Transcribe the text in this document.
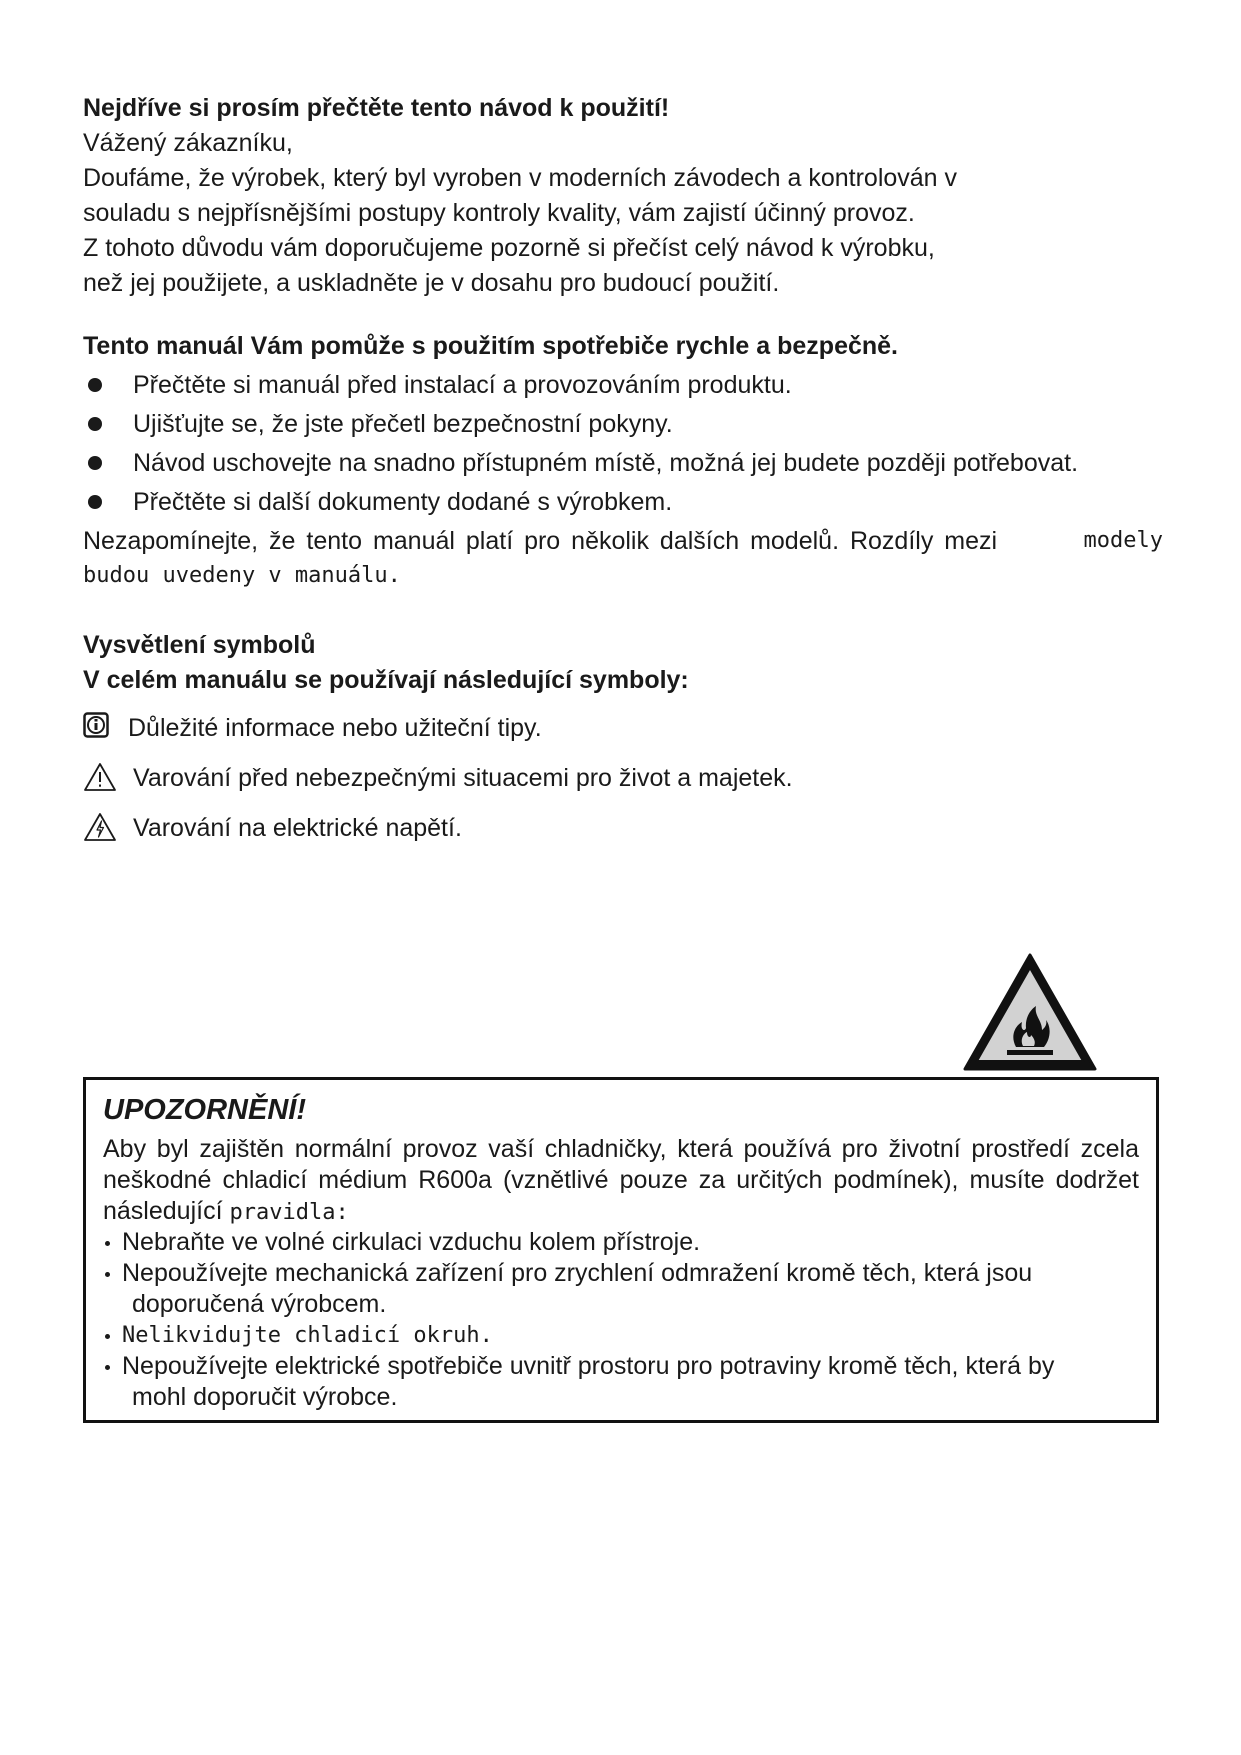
Nejdříve si prosím přečtěte tento návod k použití!
Vážený zákazníku,
Doufáme, že výrobek, který byl vyroben v moderních závodech a kontrolován v
souladu s nejpřísnějšími postupy kontroly kvality, vám zajistí účinný provoz.
Z tohoto důvodu vám doporučujeme pozorně si přečíst celý návod k výrobku,
než jej použijete, a uskladněte je v dosahu pro budoucí použití.
Tento manuál Vám pomůže s použitím spotřebiče rychle a bezpečně.
Přečtěte si manuál před instalací a provozováním produktu.
Ujišťujte se, že jste přečetl bezpečnostní pokyny.
Návod uschovejte na snadno přístupném místě, možná jej budete později potřebovat.
Přečtěte si další dokumenty dodané s výrobkem.
Nezapomínejte, že tento manuál platí pro několik dalších modelů. Rozdíly mezi	modely
budou uvedeny v manuálu.
Vysvětlení symbolů
V celém manuálu se používají následující symboly:
Důležité informace nebo užiteční tipy.
Varování před nebezpečnými situacemi pro život a majetek.
Varování na elektrické napětí.
UPOZORNĚNÍ!
Aby byl zajištěn normální provoz vaší chladničky, která používá pro životní prostředí zcela neškodné chladicí médium R600a (vznětlivé pouze za určitých podmínek), musíte dodržet následující pravidla:
Nebraňte ve volné cirkulaci vzduchu kolem přístroje.
Nepoužívejte mechanická zařízení pro zrychlení odmražení kromě těch, která jsou
doporučená výrobcem.
Nelikvidujte chladicí okruh.
Nepoužívejte elektrické spotřebiče uvnitř prostoru pro potraviny kromě těch, která by
mohl doporučit výrobce.
